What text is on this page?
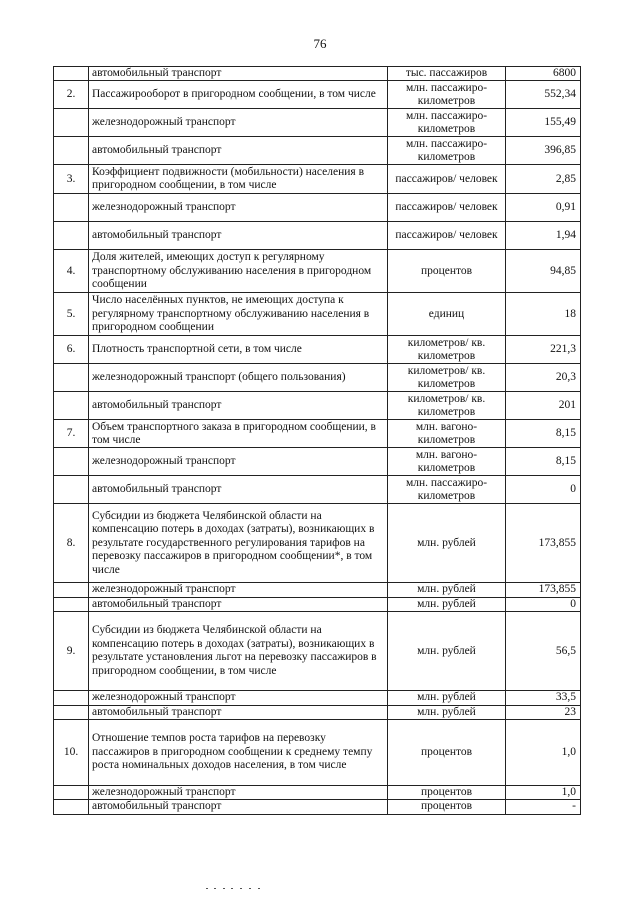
76
	автомобильный транспорт	тыс. пассажиров	6800
2.	Пассажирооборот в пригородном сообщении, в том числе	млн. пассажиро-километров	552,34
	железнодорожный транспорт	млн. пассажиро-километров	155,49
	автомобильный транспорт	млн. пассажиро-километров	396,85
3.	Коэффициент подвижности (мобильности) населения в пригородном сообщении, в том числе	пассажиров/ человек	2,85
	железнодорожный транспорт	пассажиров/ человек	0,91
	автомобильный транспорт	пассажиров/ человек	1,94
4.	Доля жителей, имеющих доступ к регулярному транспортному обслуживанию населения в пригородном сообщении	процентов	94,85
5.	Число населённых пунктов, не имеющих доступа к регулярному транспортному обслуживанию населения в пригородном сообщении	единиц	18
6.	Плотность транспортной сети, в том числе	километров/ кв. километров	221,3
	железнодорожный транспорт (общего пользования)	километров/ кв. километров	20,3
	автомобильный транспорт	километров/ кв. километров	201
7.	Объем транспортного заказа в пригородном сообщении, в том числе	млн. вагоно-километров	8,15
	железнодорожный транспорт	млн. вагоно-километров	8,15
	автомобильный транспорт	млн. пассажиро-километров	0
8.	Субсидии из бюджета Челябинской области на компенсацию потерь в доходах (затраты), возникающих в результате государственного регулирования тарифов на перевозку пассажиров в пригородном сообщении*, в том числе	млн. рублей	173,855
	железнодорожный транспорт	млн. рублей	173,855
	автомобильный транспорт	млн. рублей	0
9.	Субсидии из бюджета Челябинской области на компенсацию потерь в доходах (затраты), возникающих в результате установления льгот на перевозку пассажиров в пригородном сообщении, в том числе	млн. рублей	56,5
	железнодорожный транспорт	млн. рублей	33,5
	автомобильный транспорт	млн. рублей	23
10.	Отношение темпов роста тарифов на перевозку пассажиров в пригородном сообщении к среднему темпу роста номинальных доходов населения, в том числе	процентов	1,0
	железнодорожный транспорт	процентов	1,0
	автомобильный транспорт	процентов	-
